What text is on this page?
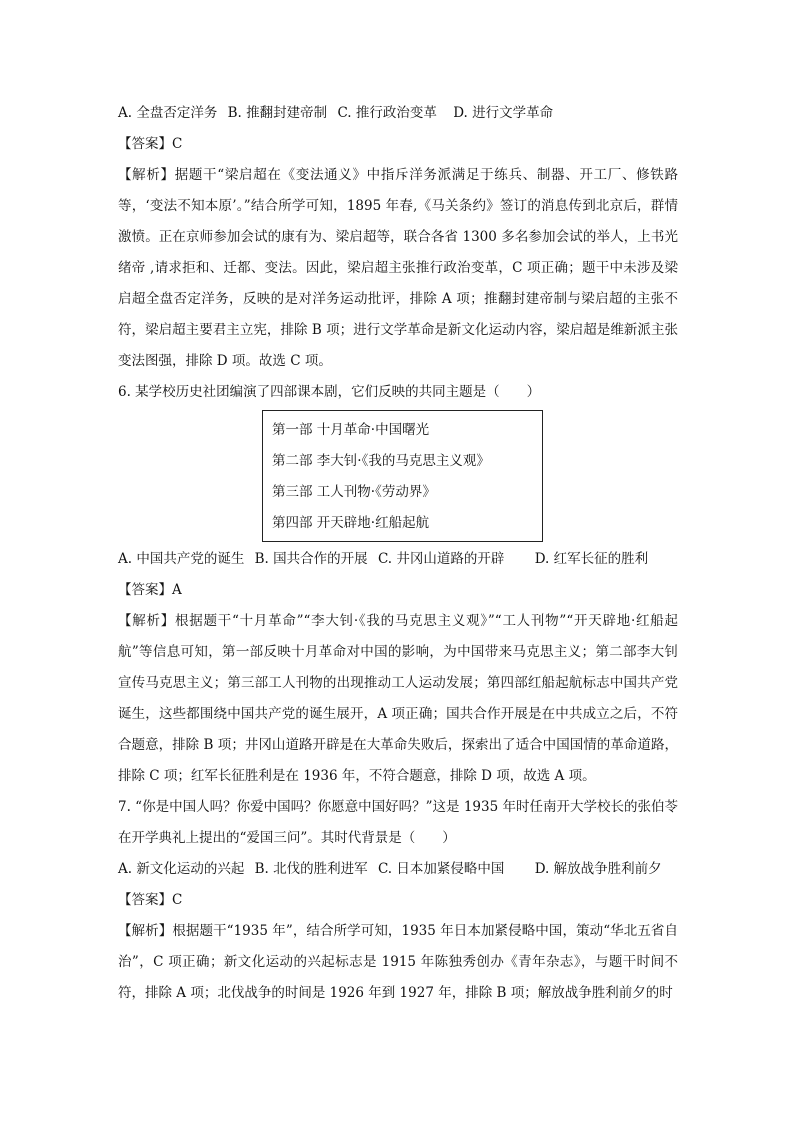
A. 全盘否定洋务 B. 推翻封建帝制 C. 推行政治变革 D. 进行文学革命
【答案】C
【解析】据题干“梁启超在《变法通义》中指斥洋务派满足于练兵、制器、开工厂、修铁路等，‘变法不知本原’。”结合所学可知，1895 年春,《马关条约》签订的消息传到北京后，群情激愤。正在京师参加会试的康有为、梁启超等，联合各省 1300 多名参加会试的举人，上书光绪帝 ,请求拒和、迁都、变法。因此，梁启超主张推行政治变革，C 项正确；题干中未涉及梁启超全盘否定洋务，反映的是对洋务运动批评，排除 A 项；推翻封建帝制与梁启超的主张不符，梁启超主要君主立宪，排除 B 项；进行文学革命是新文化运动内容，梁启超是维新派主张变法图强，排除 D 项。故选 C 项。
6. 某学校历史社团编演了四部课本剧，它们反映的共同主题是（　　）
第一部 十月革命·中国曙光
第二部 李大钊·《我的马克思主义观》
第三部 工人刊物·《劳动界》
第四部 开天辟地·红船起航
A. 中国共产党的诞生 B. 国共合作的开展 C. 井冈山道路的开辟 D. 红军长征的胜利
【答案】A
【解析】根据题干“十月革命”“李大钊·《我的马克思主义观》”“工人刊物”“开天辟地·红船起航”等信息可知，第一部反映十月革命对中国的影响，为中国带来马克思主义；第二部李大钊宣传马克思主义；第三部工人刊物的出现推动工人运动发展；第四部红船起航标志中国共产党诞生，这些都围绕中国共产党的诞生展开，A 项正确；国共合作开展是在中共成立之后，不符合题意，排除 B 项；井冈山道路开辟是在大革命失败后，探索出了适合中国国情的革命道路，排除 C 项；红军长征胜利是在 1936 年，不符合题意，排除 D 项，故选 A 项。
7. “你是中国人吗？你爱中国吗？你愿意中国好吗？”这是 1935 年时任南开大学校长的张伯苓在开学典礼上提出的“爱国三问”。其时代背景是（　　）
A. 新文化运动的兴起 B. 北伐的胜利进军 C. 日本加紧侵略中国 D. 解放战争胜利前夕
【答案】C
【解析】根据题干“1935 年”，结合所学可知，1935 年日本加紧侵略中国，策动“华北五省自治”，C 项正确；新文化运动的兴起标志是 1915 年陈独秀创办《青年杂志》，与题干时间不符，排除 A 项；北伐战争的时间是 1926 年到 1927 年，排除 B 项；解放战争胜利前夕的时
